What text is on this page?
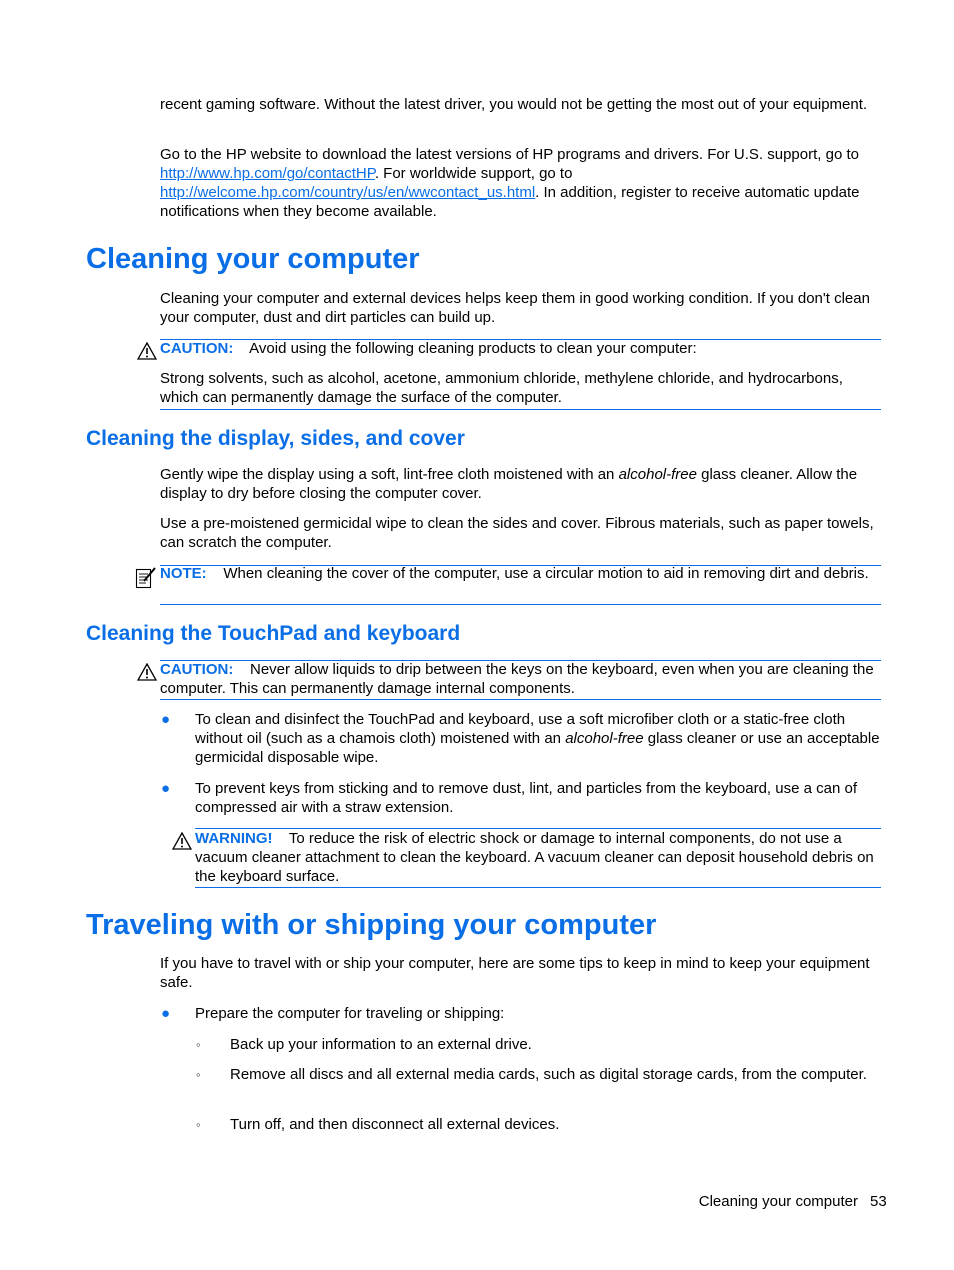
recent gaming software. Without the latest driver, you would not be getting the most out of your equipment.
Go to the HP website to download the latest versions of HP programs and drivers. For U.S. support, go to http://www.hp.com/go/contactHP. For worldwide support, go to http://welcome.hp.com/country/us/en/wwcontact_us.html. In addition, register to receive automatic update notifications when they become available.
Cleaning your computer
Cleaning your computer and external devices helps keep them in good working condition. If you don't clean your computer, dust and dirt particles can build up.
CAUTION: Avoid using the following cleaning products to clean your computer:
Strong solvents, such as alcohol, acetone, ammonium chloride, methylene chloride, and hydrocarbons, which can permanently damage the surface of the computer.
Cleaning the display, sides, and cover
Gently wipe the display using a soft, lint-free cloth moistened with an alcohol-free glass cleaner. Allow the display to dry before closing the computer cover.
Use a pre-moistened germicidal wipe to clean the sides and cover. Fibrous materials, such as paper towels, can scratch the computer.
NOTE: When cleaning the cover of the computer, use a circular motion to aid in removing dirt and debris.
Cleaning the TouchPad and keyboard
CAUTION: Never allow liquids to drip between the keys on the keyboard, even when you are cleaning the computer. This can permanently damage internal components.
● To clean and disinfect the TouchPad and keyboard, use a soft microfiber cloth or a static-free cloth without oil (such as a chamois cloth) moistened with an alcohol-free glass cleaner or use an acceptable germicidal disposable wipe.
● To prevent keys from sticking and to remove dust, lint, and particles from the keyboard, use a can of compressed air with a straw extension.
WARNING! To reduce the risk of electric shock or damage to internal components, do not use a vacuum cleaner attachment to clean the keyboard. A vacuum cleaner can deposit household debris on the keyboard surface.
Traveling with or shipping your computer
If you have to travel with or ship your computer, here are some tips to keep in mind to keep your equipment safe.
● Prepare the computer for traveling or shipping:
◦ Back up your information to an external drive.
◦ Remove all discs and all external media cards, such as digital storage cards, from the computer.
◦ Turn off, and then disconnect all external devices.
Cleaning your computer 53
